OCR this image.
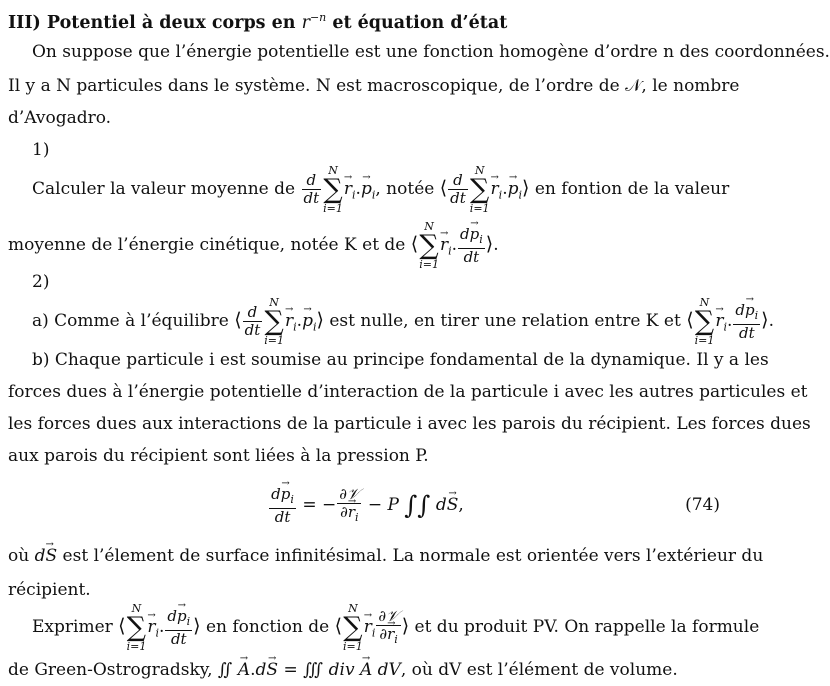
III) Potentiel à deux corps en $r^{-n}$ et équation d’état
On suppose que l’énergie potentielle est une fonction homogène d’ordre n des coordonnées.
Il y a N particules dans le système. N est macroscopique, de l’ordre de 𝒩, le nombre
d’Avogadro.
1)
Calculer la valeur moyenne de $\frac{d}{dt}$
N
∑
i=1
→ $r_i.\to p_i$, notée ⟨ $\frac{d}{dt}$
N
∑
i=1
→ $r_i.\to$ $p_i⟩$ en fontion de la valeur
moyenne de l’énergie cinétique, notée K et de ⟨
N
∑
i=1
→ $r_i$. $\frac{d\to p_i}{dt}$ ⟩.
2)
a) Comme à l’équilibre ⟨ $\frac{d}{dt}$
N
∑
i=1
→ $r_i.\to$ $p_i⟩$ est nulle, en tirer une relation entre K et ⟨
N
∑
i=1
→ $r_i$. $\frac{d\to p_i}{dt}$ ⟩.
b) Chaque particule i est soumise au principe fondamental de la dynamique. Il y a les
forces dues à l’énergie potentielle d’interaction de la particule i avec les autres particules et
les forces dues aux interactions de la particule i avec les parois du récipient. Les forces dues
aux parois du récipient sont liées à la pression P.
$\frac{d\to p_i}{dt}$ = − $\frac{\text{∂𝒱}}{\partial\to r_i} - P$ ∫∫ d→ S,	(74)
où d→ S est l’élement de surface infinitésimal. La normale est orientée vers l’extérieur du
récipient.
Exprimer ⟨
N
∑
i=1
→ $r_i$. $\frac{d\to p_i}{dt}$ ⟩ en fonction de ⟨
N
∑
i=1
→ $r_i \frac{\text{∂𝒱}}{\partial\to r_i}$ ⟩ et du produit PV. On rappelle la formule
de Green-Ostrogradsky, ∬ → A.d→ S = ∭ div → A dV, où dV est l’élément de volume.
